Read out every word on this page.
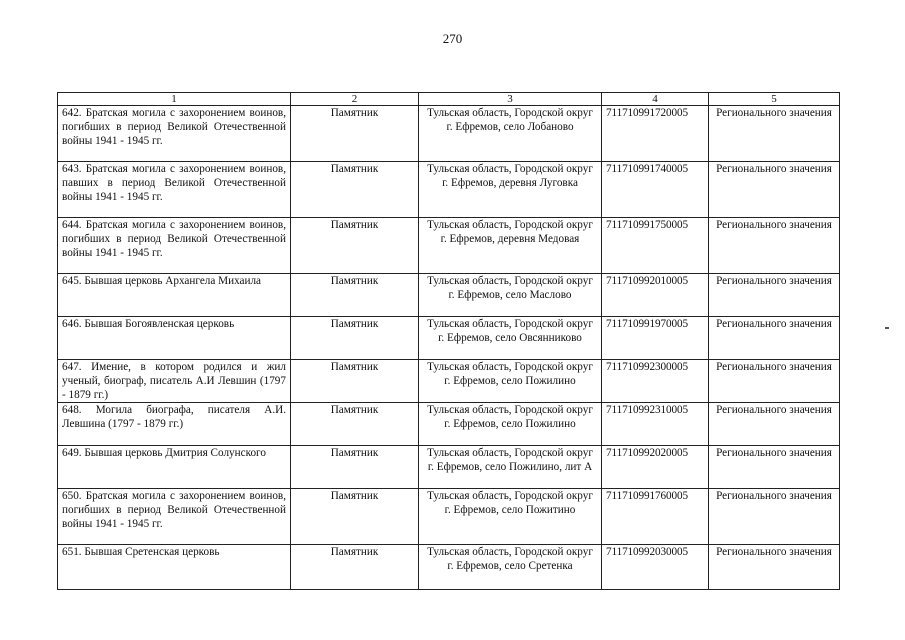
270
1	2	3	4	5
642. Братская могила с захоронением воинов, погибших в период Великой Отечественной войны 1941 - 1945 гг.	Памятник	Тульская область, Городской округ г. Ефремов, село Лобаново	711710991720005	Регионального значения
643. Братская могила с захоронением воинов, павших в период Великой Отечественной войны 1941 - 1945 гг.	Памятник	Тульская область, Городской округ г. Ефремов, деревня Луговка	711710991740005	Регионального значения
644. Братская могила с захоронением воинов, погибших в период Великой Отечественной войны 1941 - 1945 гг.	Памятник	Тульская область, Городской округ г. Ефремов, деревня Медовая	711710991750005	Регионального значения
645. Бывшая церковь Архангела Михаила	Памятник	Тульская область, Городской округ г. Ефремов, село Маслово	711710992010005	Регионального значения
646. Бывшая Богоявленская церковь	Памятник	Тульская область, Городской округ г. Ефремов, село Овсянниково	711710991970005	Регионального значения
647. Имение, в котором родился и жил ученый, биограф, писатель А.И Левшин (1797 - 1879 гг.)	Памятник	Тульская область, Городской округ г. Ефремов, село Пожилино	711710992300005	Регионального значения
648. Могила биографа, писателя А.И. Левшина (1797 - 1879 гг.)	Памятник	Тульская область, Городской округ г. Ефремов, село Пожилино	711710992310005	Регионального значения
649. Бывшая церковь Дмитрия Солунского	Памятник	Тульская область, Городской округ г. Ефремов, село Пожилино, лит А	711710992020005	Регионального значения
650. Братская могила с захоронением воинов, погибших в период Великой Отечественной войны 1941 - 1945 гг.	Памятник	Тульская область, Городской округ г. Ефремов, село Пожитино	711710991760005	Регионального значения
651. Бывшая Сретенская церковь	Памятник	Тульская область, Городской округ г. Ефремов, село Сретенка	711710992030005	Регионального значения
